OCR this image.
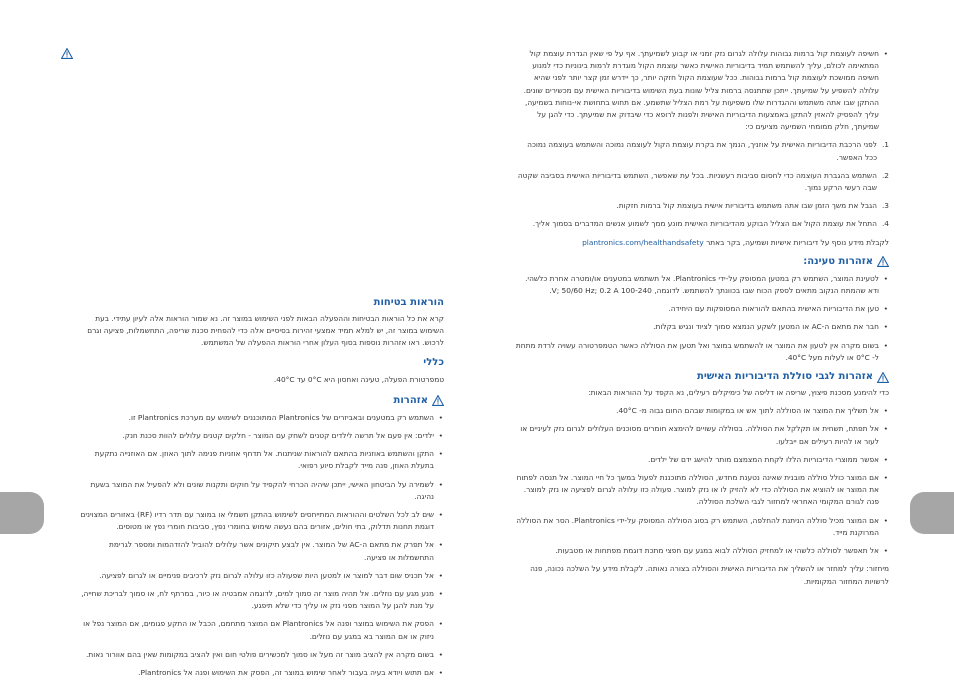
הוראות בטיחות

קרא את כל הוראות הבטיחות וההפעלה הבאות לפני השימוש במוצר זה. נא שמור הוראות אלה לעיון עתידי. בעת השימוש במוצר זה, יש למלא תמיד אמצעי זהירות בסיסיים אלה כדי להפחית סכנת שריפה, התחשמלות, פציעה וגרם לרכוש. ראו אזהרות נוספות בסוף העלון אחרי הוראות ההפעלה של המשתמש.

כללי

טמפרטורת הפעלה, טעינה ואחסון היא 0°C עד 40°C.

אזהרות
• השתמש רק במטענים ובאביזרים של Plantronics המתוכננים לשימוש עם מערכת Plantronics זו.
• ילדים: אין פעם אל תרשה לילדים קטנים לשחק עם המוצר - חלקים קטנים עלולים להוות סכנת חנק.
• התקן והשתמש באוזניות בהתאם להוראות שניתנות. אל תדחף אוזניות פנימה לתוך האוזן. אם האוזנייה נתקעת בתעלת האוזן, פנה מייד לקבלת סיוע רפואי.
• לשמירה על הביטחון האישי, ייתכן שיהיה הכרחי להקפיד על חוקים ותקנות שונים ולא להפעיל את המוצר בשעת נהיגה.
• שים לב לכל השלטים וההוראות המתייחסים לשימוש בהתקן חשמלי או במוצר עם תדר רדיו (RF) באזורים המצוינים דוגמת תחנות תדלוק, בתי חולים, אזורים בהם נעשה שימוש בחומרי נפץ, סביבות חומרי נפץ או מטוסים.
• אל תפרק את מתאם ה-AC של המוצר. אין לבצע תיקונים אשר עלולים להוביל להזדהמות ומספר לגרימת התחשמלות או פציעה.
• אל תכניס שום דבר למוצר או למטען היות שפעולה כזו עלולה לגרום נזק לרכיבים פנימיים או לגרום לפציעה.
• מנע מגע עם נוזלים. אל תהיה מוצר זה סמוך למים, לדוגמה אמבטיה או כיור, במרתף לח, או סמוך לבריכת שחייה, על מנת להגן על המוצר מפני נזק או עליך כדי שלא תיפגע.
• הפסק את השימוש במוצר ופנה אל Plantronics אם המוצר מתחמם, הכבל או התקע פגומים, אם המוצר נפל או ניזוק או אם המוצר בא במגע עם נוזלים.
• בשום מקרה אין להציב מוצר זה מעל או סמוך למכשירים פולטי חום ואין להציב במקומות שאין בהם אוורור נאות.
• אם תתוש ויודא בעיה בעבור לאחר שימוש במוצר זה, הפסק את השימוש ופנה אל Plantronics.
• חשיפה לעוצמת קול ברמות גבוהות עלולה לגרום נזק זמני או קבוע לשמיעתך. אף על פי שאין הגדרת עוצמת קול המתאימה לכולם, עליך להשתמש תמיד בדיבוריות האישית כאשר עוצמת הקול מוגדרת לרמות בינוניות כדי למנוע חשיפה ממושכת לעוצמת קול ברמות גבוהות. ככל שעוצמת הקול חזקה יותר, כך יידרש זמן קצר יותר לפני שהיא עלולה להשפיע על שמיעתך. ייתכן שתתנסה ברמות צליל שונות בעת השימוש בדיבוריות האישית עם מכשירים שונים. ההתקן שבו אתה משתמש וההגדרות שלו משפיעות על רמת הצליל שתשמע. אם תחוש בתחושת אי-נוחות בשמיעה, עליך להפסיק להאזין להתקן באמצעות הדיבוריות האישית ולפנות לרופא כדי שיבדוק את שמיעתך. כדי להגן על שמיעתך, חלק ממומחי השמיעה מציעים כי:
1.
לפני הרכבת הדיבוריות האישית על אוזניך, הנמך את בקרת עוצמת הקול לעוצמה נמוכה והשתמש בעוצמה נמוכה ככל האפשר.
2.
השתמש בהגברת העוצמה כדי לחסום סביבות רעשניות. בכל עת שאפשר, השתמש בדיבוריות האישית בסביבה שקטה שבה רעשי הרקע נמוך.
3.
הגבל את משך הזמן שבו אתה משתמש בדיבוריות אישית בעוצמת קול ברמות חזקות.
4.
התחל את עוצמת הקול אם הצליל הבוקע מהדיבוריות האישית מונע ממך לשמוע אנשים המדברים בסמוך אליך.

לקבלת מידע נוסף על דיבוריות אישיות ושמיעה, בקר באתר plantronics.com/healthandsafety

אזהרות טעינה:
• לטעינת המוצר, השתמש רק במטען המסופק על-ידי Plantronics. אל תשתמש במטענים או/ומטרה אחרת כלשהי. ודא שהמתח הנקוב מתאים לספק הכוח שבו בכוונתך להשתמש. לדוגמה, 100-240 V; 50/60 Hz; 0.2 A.
• טען את הדיבוריות האישית בהתאם להוראות המסופקות עם היחידה.
• חבר את מתאם ה-AC או המטען לשקע הנמצא סמוך לציוד ונגיש בקלות.
• בשום מקרה אין לטעון את המוצר או להשתמש במוצר ואל תטען את הסוללה כאשר הטמפרטורה עשויה לרדת מתחת ל- 0°C או לעלות מעל 40°C.
אזהרות לגבי סוללת הדיבוריות האישית

כדי להימנע מסכנת פיצוץ, שריפה או דליפה של כימיקלים רעילים, נא הקפד על ההוראות הבאות:

• אל תשליך את המוצר או הסוללה לתוך אש או במקומות שבהם החום גבוה מ- 40°C.
• אל תפתח, תשחית או תקלקל את הסוללה. בסוללה עשויים להימצא חומרים מסוכנים העלולים לגרום נזק לעיניים או לעור או להיות רעילים אם ייבלעו.
• אפשר ממוצרי הדיבוריות הללו לקחת המצמצם מותר להישג ידם של ילדים.
• אם המוצר כולל סוללה מובנית שאינה נטענת מחדש, הסוללה מתוכננת לפעול במשך כל חיי המוצר. אל תנסה לפתוח את המוצר או להוציא את הסוללה כדי לא להזיק לו או נזק למוצר. פעולה כזו עלולה לגרום לפציעה או נזק למוצר. פנה לגורם המקומי האחראי למחזור לגבי השלכת הסוללה.
• אם המוצר מכיל סוללה הניתנת להחלפה, השתמש רק בסוג הסוללה המסופק על-ידי Plantronics. הסר את הסוללה המרוקנת מייד.
• אל תאפשר לסוללה כלשהי או למחזיק הסוללה לבוא במגע עם חפצי מתכת דוגמת מפתחות או מטבעות.

מיחזור: עליך למחזר או להשליך את הדיבוריות האישית והסוללה בצורה נאותה. לקבלת מידע על השלכה נכונה, פנה לרשויות המחזור המקומיות.
